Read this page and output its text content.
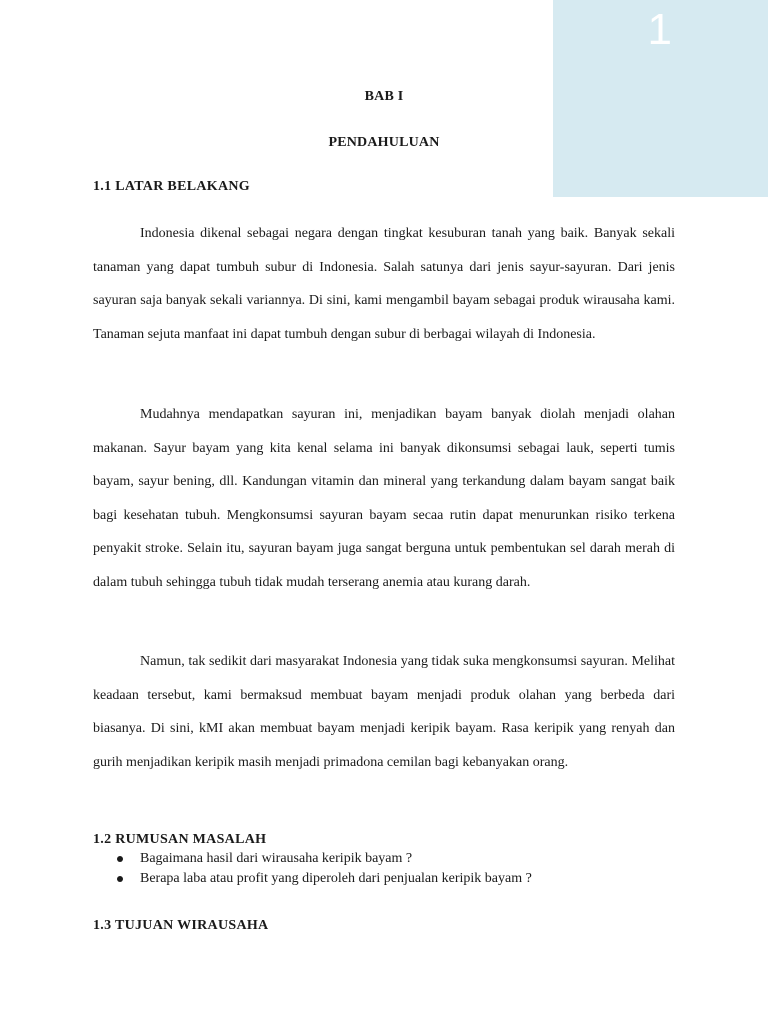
1
BAB I
PENDAHULUAN
1.1 LATAR BELAKANG

Indonesia dikenal sebagai negara dengan tingkat kesuburan tanah yang baik. Banyak sekali tanaman yang dapat tumbuh subur di Indonesia. Salah satunya dari jenis sayur-sayuran. Dari jenis sayuran saja banyak sekali variannya. Di sini, kami mengambil bayam sebagai produk wirausaha kami. Tanaman sejuta manfaat ini dapat tumbuh dengan subur di berbagai wilayah di Indonesia.

Mudahnya mendapatkan sayuran ini, menjadikan bayam banyak diolah menjadi olahan makanan. Sayur bayam yang kita kenal selama ini banyak dikonsumsi sebagai lauk, seperti tumis bayam, sayur bening, dll. Kandungan vitamin dan mineral yang terkandung dalam bayam sangat baik bagi kesehatan tubuh. Mengkonsumsi sayuran bayam secaa rutin dapat menurunkan risiko terkena penyakit stroke. Selain itu, sayuran bayam juga sangat berguna untuk pembentukan sel darah merah di dalam tubuh sehingga tubuh tidak mudah terserang anemia atau kurang darah.

Namun, tak sedikit dari masyarakat Indonesia yang tidak suka mengkonsumsi sayuran. Melihat keadaan tersebut, kami bermaksud membuat bayam menjadi produk olahan yang berbeda dari biasanya. Di sini, kMI akan membuat bayam menjadi keripik bayam. Rasa keripik yang renyah dan gurih menjadikan keripik masih menjadi primadona cemilan bagi kebanyakan orang.

1.2 RUMUSAN MASALAH
Bagaimana hasil dari wirausaha keripik bayam ?
Berapa laba atau profit yang diperoleh dari penjualan keripik bayam ?
1.3 TUJUAN WIRAUSAHA
